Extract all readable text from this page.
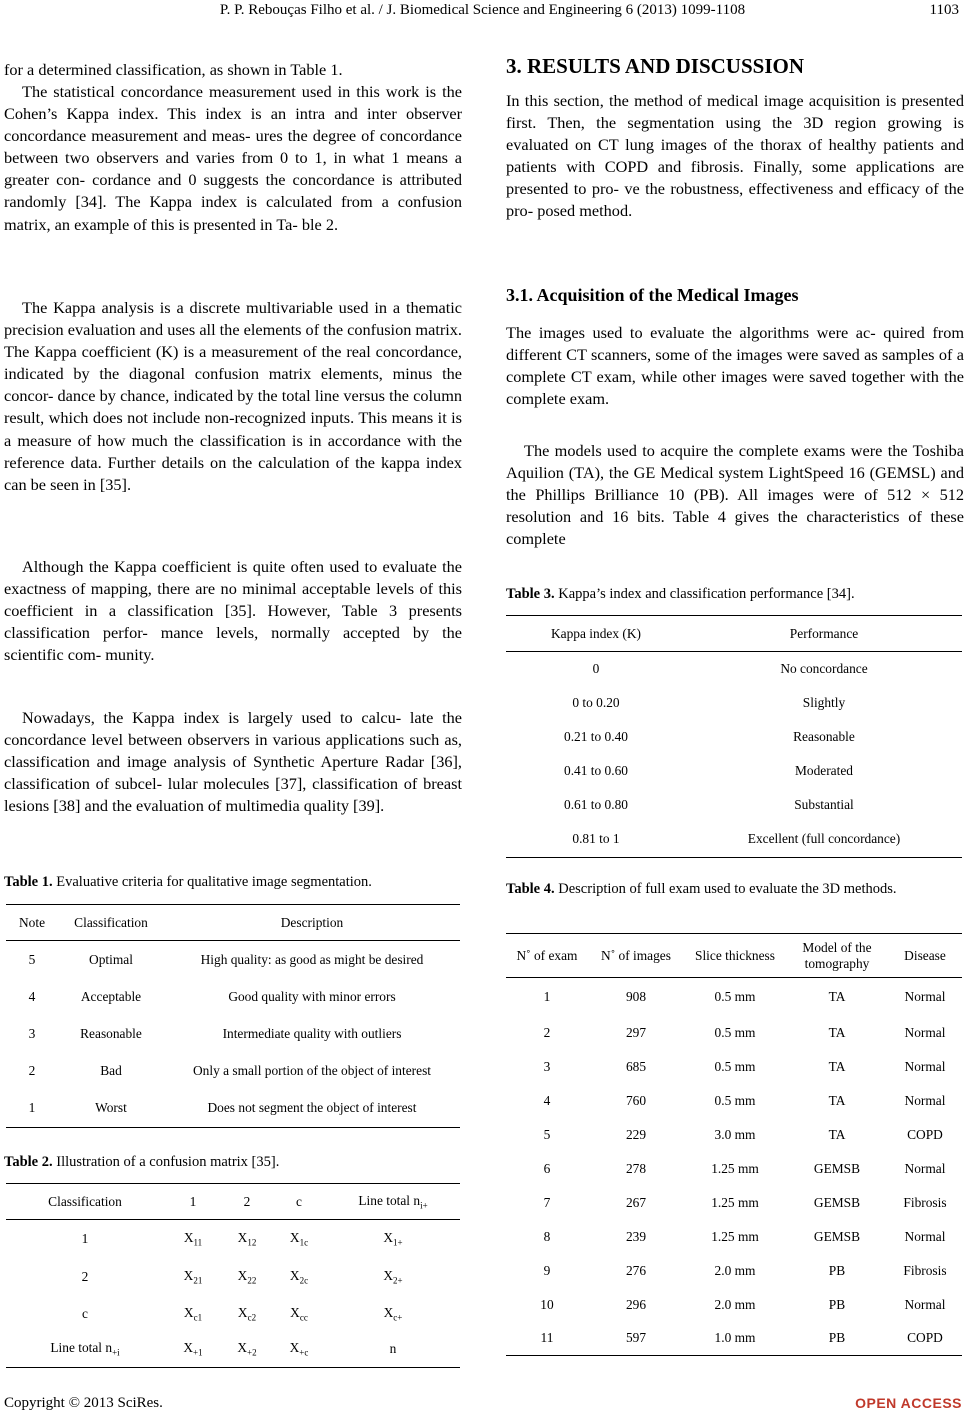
P. P. Rebouças Filho et al. / J. Biomedical Science and Engineering 6 (2013) 1099-1108	1103

for a determined classification, as shown in Table 1.

The statistical concordance measurement used in this work is the Cohen’s Kappa index. This index is an intra and inter observer concordance measurement and meas- ures the degree of concordance between two observers and varies from 0 to 1, in what 1 means a greater con- cordance and 0 suggests the concordance is attributed randomly [34]. The Kappa index is calculated from a confusion matrix, an example of this is presented in Ta- ble 2.

The Kappa analysis is a discrete multivariable used in a thematic precision evaluation and uses all the elements of the confusion matrix. The Kappa coefficient (K) is a measurement of the real concordance, indicated by the diagonal confusion matrix elements, minus the concor- dance by chance, indicated by the total line versus the column result, which does not include non-recognized inputs. This means it is a measure of how much the classification is in accordance with the reference data. Further details on the calculation of the kappa index can be seen in [35].

Although the Kappa coefficient is quite often used to evaluate the exactness of mapping, there are no minimal acceptable levels of this coefficient in a classification [35]. However, Table 3 presents classification perfor- mance levels, normally accepted by the scientific com- munity.

Nowadays, the Kappa index is largely used to calcu- late the concordance level between observers in various applications such as, classification and image analysis of Synthetic Aperture Radar [36], classification of subcel- lular molecules [37], classification of breast lesions [38] and the evaluation of multimedia quality [39].

Table 1. Evaluative criteria for qualitative image segmentation.
Note	Classification	Description
5	Optimal	High quality: as good as might be desired
4	Acceptable	Good quality with minor errors
3	Reasonable	Intermediate quality with outliers
2	Bad	Only a small portion of the object of interest
1	Worst	Does not segment the object of interest
Table 2. Illustration of a confusion matrix [35].
Classification	1	2	c	Line total $n_{i+}$
1	$X_{11}$	$X_{12}$	$X_{1c}$	$X_{1+}$
2	$X_{21}$	$X_{22}$	$X_{2c}$	$X_{2+}$
c	$X_{c1}$	$X_{c2}$	$X_{cc}$	$X_{c+}$
Line total $n_{+i}$	$X_{+1}$	$X_{+2}$	$X_{+c}$	n
3. RESULTS AND DISCUSSION

In this section, the method of medical image acquisition is presented first. Then, the segmentation using the 3D region growing is evaluated on CT lung images of the thorax of healthy patients and patients with COPD and fibrosis. Finally, some applications are presented to pro- ve the robustness, effectiveness and efficacy of the pro- posed method.

3.1. Acquisition of the Medical Images

The images used to evaluate the algorithms were ac- quired from different CT scanners, some of the images were saved as samples of a complete CT exam, while other images were saved together with the complete exam.

The models used to acquire the complete exams were the Toshiba Aquilion (TA), the GE Medical system LightSpeed 16 (GEMSL) and the Phillips Brilliance 10 (PB). All images were of 512 × 512 resolution and 16 bits. Table 4 gives the characteristics of these complete

Table 3. Kappa’s index and classification performance [34].
Kappa index (K)	Performance
0	No concordance
0 to 0.20	Slightly
0.21 to 0.40	Reasonable
0.41 to 0.60	Moderated
0.61 to 0.80	Substantial
0.81 to 1	Excellent (full concordance)
Table 4. Description of full exam used to evaluate the 3D methods.
N˚ of exam	N˚ of images	Slice thickness	Model of the tomography	Disease
1	908	0.5 mm	TA	Normal
2	297	0.5 mm	TA	Normal
3	685	0.5 mm	TA	Normal
4	760	0.5 mm	TA	Normal
5	229	3.0 mm	TA	COPD
6	278	1.25 mm	GEMSB	Normal
7	267	1.25 mm	GEMSB	Fibrosis
8	239	1.25 mm	GEMSB	Normal
9	276	2.0 mm	PB	Fibrosis
10	296	2.0 mm	PB	Normal
11	597	1.0 mm	PB	COPD
Copyright © 2013 SciRes.	OPEN ACCESS
